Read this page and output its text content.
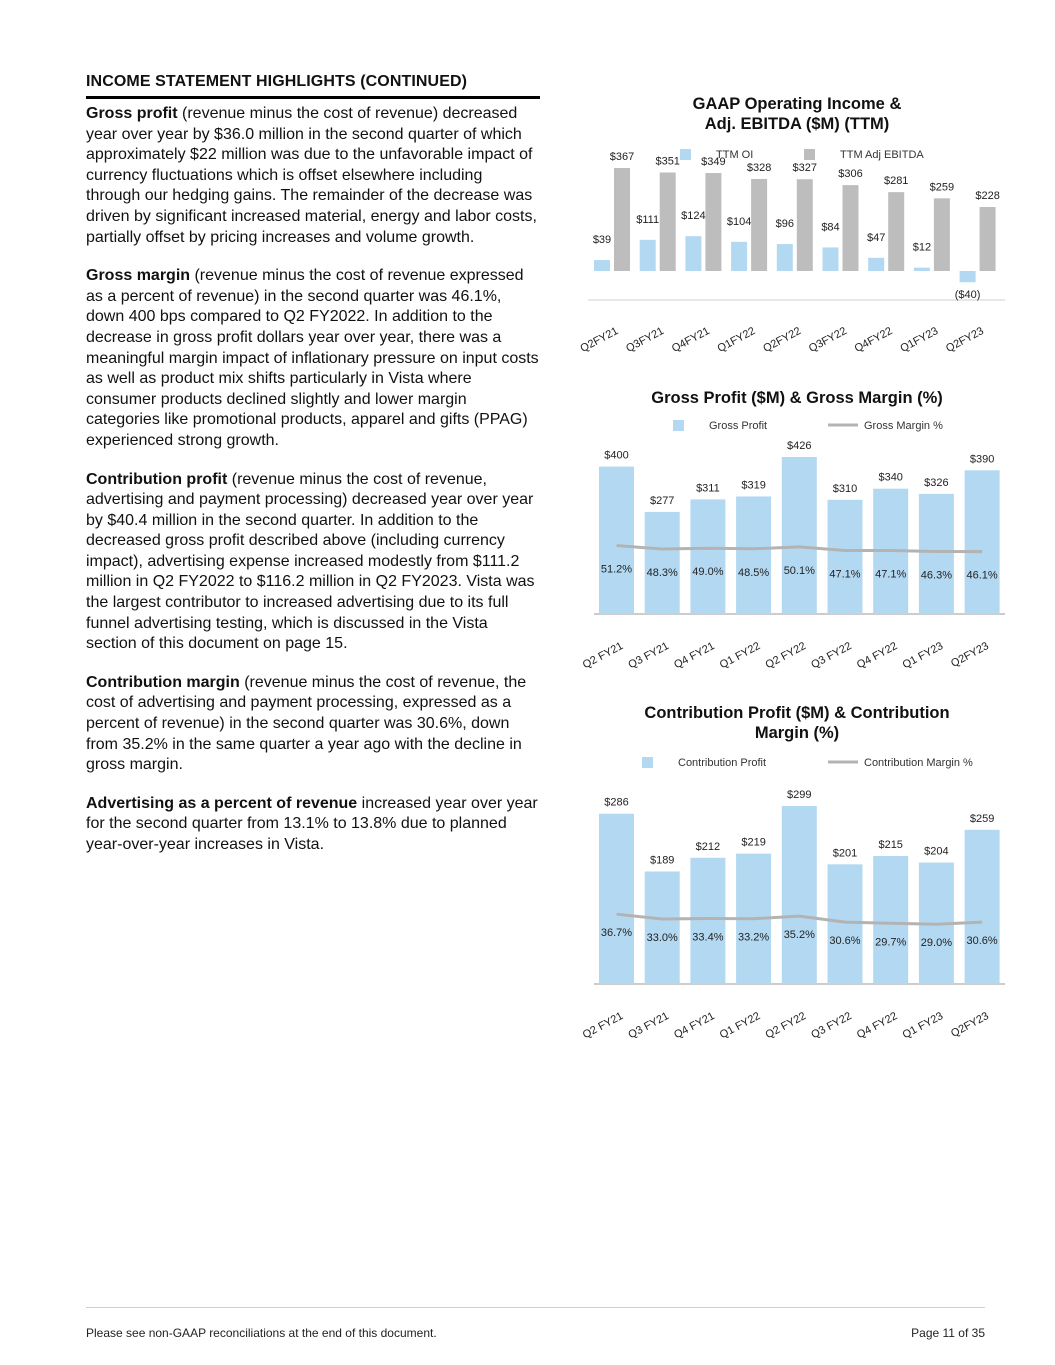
INCOME STATEMENT HIGHLIGHTS (CONTINUED)

Gross profit (revenue minus the cost of revenue) decreased year over year by $36.0 million in the second quarter of which approximately $22 million was due to the unfavorable impact of currency fluctuations which is offset elsewhere including through our hedging gains. The remainder of the decrease was driven by significant increased material, energy and labor costs, partially offset by pricing increases and volume growth.

Gross margin (revenue minus the cost of revenue expressed as a percent of revenue) in the second quarter was 46.1%, down 400 bps compared to Q2 FY2022. In addition to the decrease in gross profit dollars year over year, there was a meaningful margin impact of inflationary pressure on input costs as well as product mix shifts particularly in Vista where consumer products declined slightly and lower margin categories like promotional products, apparel and gifts (PPAG) experienced strong growth.

Contribution profit (revenue minus the cost of revenue, advertising and payment processing) decreased year over year by $40.4 million in the second quarter. In addition to the decreased gross profit described above (including currency impact), advertising expense increased modestly from $111.2 million in Q2 FY2022 to $116.2 million in Q2 FY2023. Vista was the largest contributor to increased advertising due to its full funnel advertising testing, which is discussed in the Vista section of this document on page 15.

Contribution margin (revenue minus the cost of revenue, the cost of advertising and payment processing, expressed as a percent of revenue) in the second quarter was 30.6%, down from 35.2% in the same quarter a year ago with the decline in gross margin.

Advertising as a percent of revenue increased year over year for the second quarter from 13.1% to 13.8% due to planned year-over-year increases in Vista.

GAAP Operating Income &
Adj. EBITDA ($M) (TTM)
TTM OI	TTM Adj EBITDA
$39
$367
$111
$351
$124
$349
$104
$328
$96
$327
$84
$306
$47
$281
$12
$259
($40)
$228
Q2FY21 Q3FY21 Q4FY21 Q1FY22 Q2FY22 Q3FY22 Q4FY22 Q1FY23 Q2FY23
Gross Profit ($M) & Gross Margin (%)
Gross Profit	Gross Margin %
$400
51.2%
$277
48.3%
$311
49.0%
$319
48.5%
$426
50.1%
$310
47.1%
$340
47.1%
$326
46.3%
$390
46.1%
Q2 FY21 Q3 FY21 Q4 FY21 Q1 FY22 Q2 FY22 Q3 FY22 Q4 FY22 Q1 FY23 Q2FY23
Contribution Profit ($M) & Contribution
Margin (%)
Contribution Profit	Contribution Margin %
$286
36.7%
$189
33.0%
$212
33.4%
$219
33.2%
$299
35.2%
$201
30.6%
$215
29.7%
$204
29.0%
$259
30.6%
Q2 FY21 Q3 FY21 Q4 FY21 Q1 FY22 Q2 FY22 Q3 FY22 Q4 FY22 Q1 FY23 Q2FY23
Please see non-GAAP reconciliations at the end of this document.	Page 11 of 35
